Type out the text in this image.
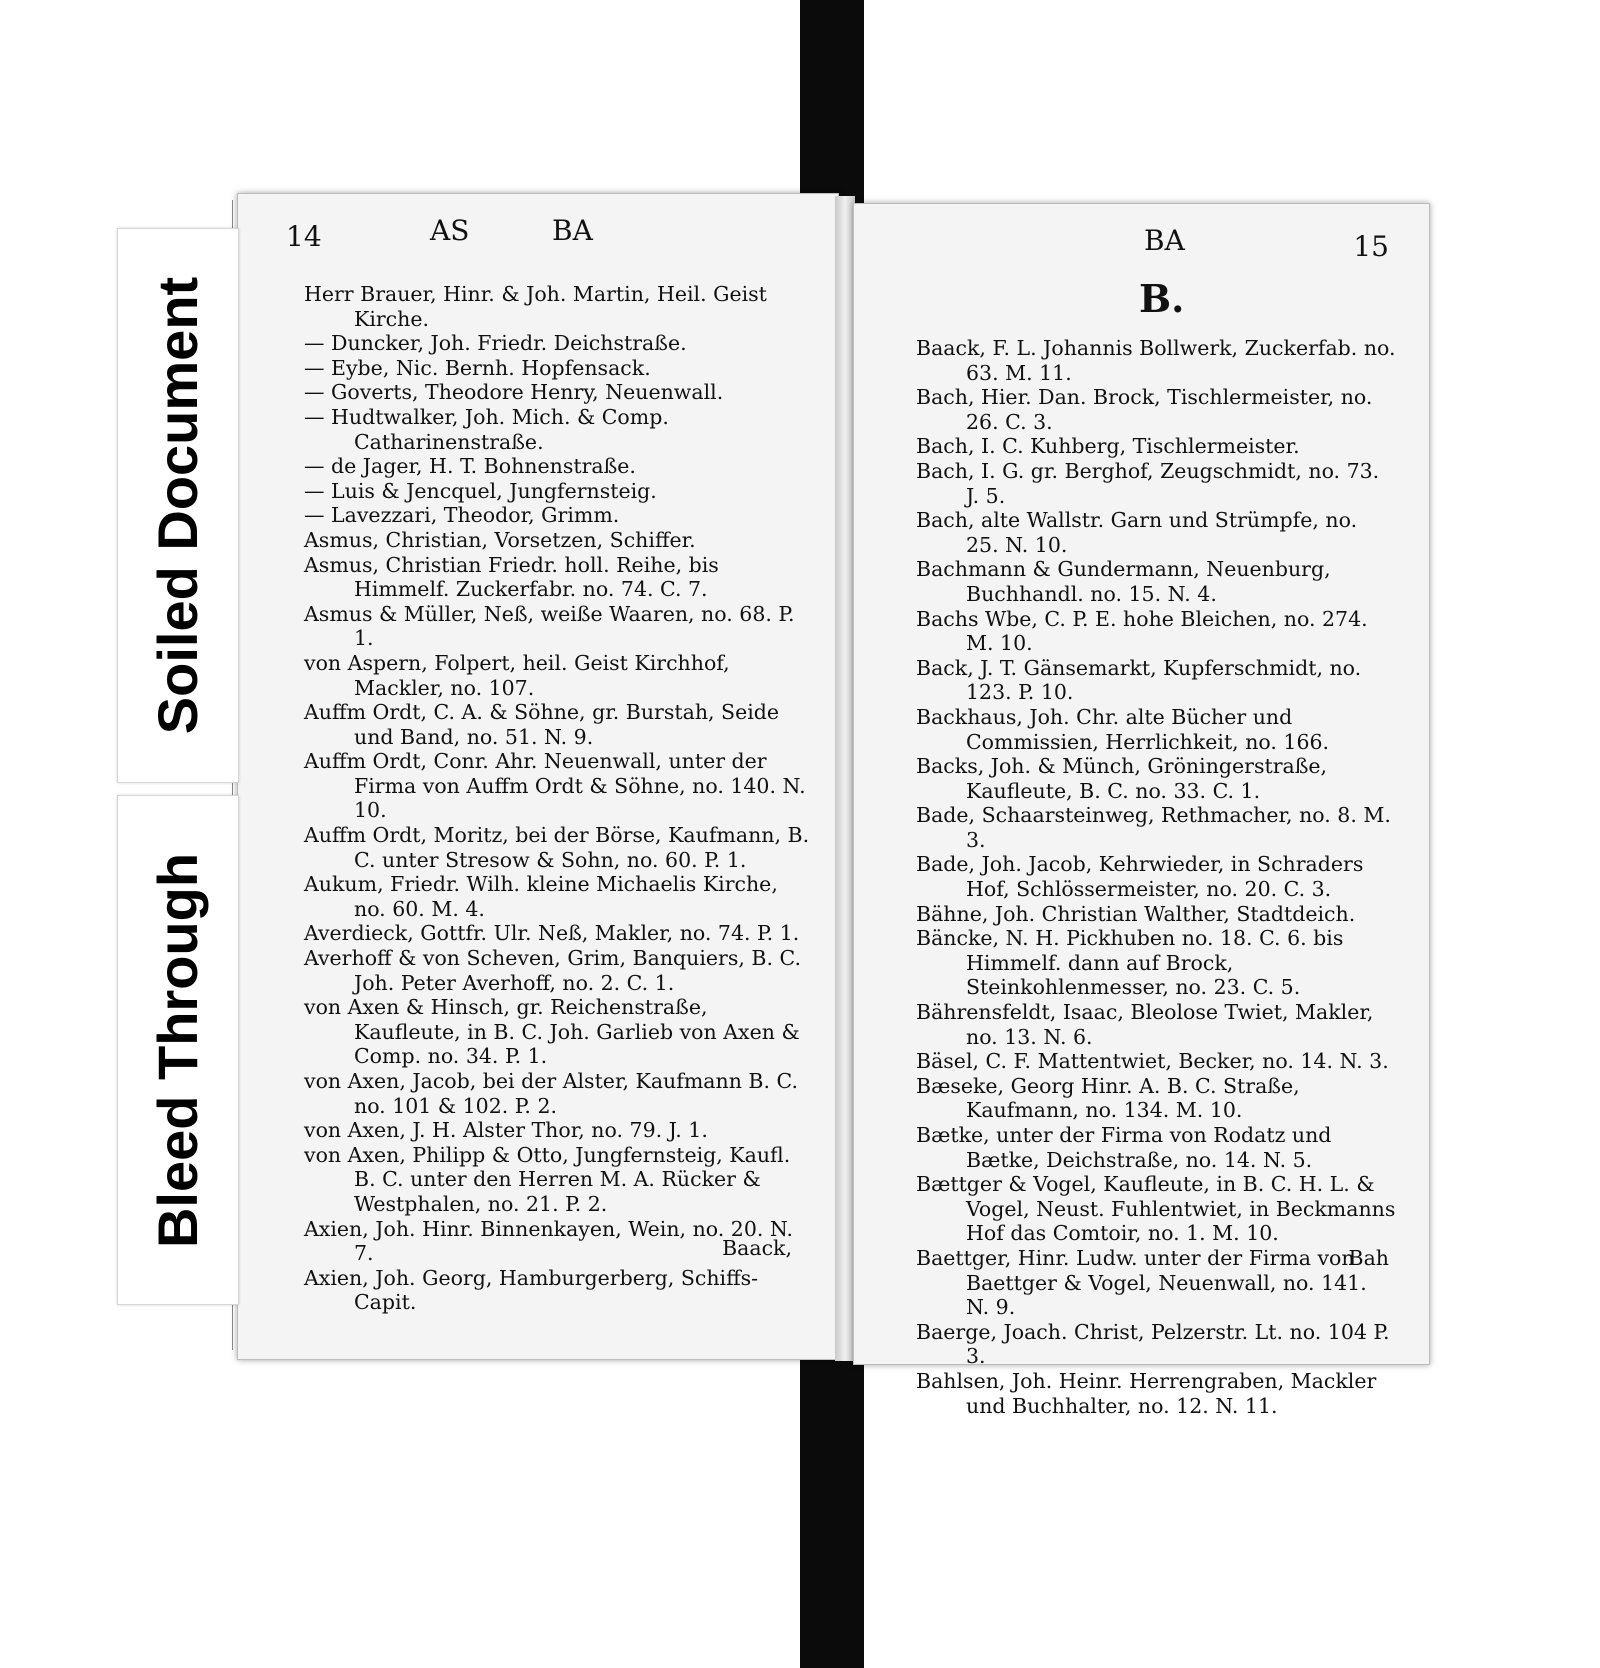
14	AS	BA
Herr Brauer, Hinr. & Joh. Martin, Heil. Geist Kirche.
— Duncker, Joh. Friedr. Deichstraße.
— Eybe, Nic. Bernh. Hopfensack.
— Goverts, Theodore Henry, Neuenwall.
— Hudtwalker, Joh. Mich. & Comp. Catharinenstraße.
— de Jager, H. T. Bohnenstraße.
— Luis & Jencquel, Jungfernsteig.
— Lavezzari, Theodor, Grimm.
Asmus, Christian, Vorsetzen, Schiffer.
Asmus, Christian Friedr. holl. Reihe, bis Himmelf. Zuckerfabr. no. 74. C. 7.
Asmus & Müller, Neß, weiße Waaren, no. 68. P. 1.
von Aspern, Folpert, heil. Geist Kirchhof, Mackler, no. 107.
Auffm Ordt, C. A. & Söhne, gr. Burstah, Seide und Band, no. 51. N. 9.
Auffm Ordt, Conr. Ahr. Neuenwall, unter der Firma von Auffm Ordt & Söhne, no. 140. N. 10.
Auffm Ordt, Moritz, bei der Börse, Kaufmann, B. C. unter Stresow & Sohn, no. 60. P. 1.
Aukum, Friedr. Wilh. kleine Michaelis Kirche, no. 60. M. 4.
Averdieck, Gottfr. Ulr. Neß, Makler, no. 74. P. 1.
Averhoff & von Scheven, Grim, Banquiers, B. C. Joh. Peter Averhoff, no. 2. C. 1.
von Axen & Hinsch, gr. Reichenstraße, Kaufleute, in B. C. Joh. Garlieb von Axen & Comp. no. 34. P. 1.
von Axen, Jacob, bei der Alster, Kaufmann B. C. no. 101 & 102. P. 2.
von Axen, J. H. Alster Thor, no. 79. J. 1.
von Axen, Philipp & Otto, Jungfernsteig, Kaufl. B. C. unter den Herren M. A. Rücker & Westphalen, no. 21. P. 2.
Axien, Joh. Hinr. Binnenkayen, Wein, no. 20. N. 7.
Axien, Joh. Georg, Hamburgerberg, Schiffs-Capit.
Baack,
BA	15
B.
Baack, F. L. Johannis Bollwerk, Zuckerfab. no. 63. M. 11.
Bach, Hier. Dan. Brock, Tischlermeister, no. 26. C. 3.
Bach, I. C. Kuhberg, Tischlermeister.
Bach, I. G. gr. Berghof, Zeugschmidt, no. 73. J. 5.
Bach, alte Wallstr. Garn und Strümpfe, no. 25. N. 10.
Bachmann & Gundermann, Neuenburg, Buchhandl. no. 15. N. 4.
Bachs Wbe, C. P. E. hohe Bleichen, no. 274. M. 10.
Back, J. T. Gänsemarkt, Kupferschmidt, no. 123. P. 10.
Backhaus, Joh. Chr. alte Bücher und Commissien, Herrlichkeit, no. 166.
Backs, Joh. & Münch, Gröningerstraße, Kaufleute, B. C. no. 33. C. 1.
Bade, Schaarsteinweg, Rethmacher, no. 8. M. 3.
Bade, Joh. Jacob, Kehrwieder, in Schraders Hof, Schlössermeister, no. 20. C. 3.
Bähne, Joh. Christian Walther, Stadtdeich.
Bäncke, N. H. Pickhuben no. 18. C. 6. bis Himmelf. dann auf Brock, Steinkohlenmesser, no. 23. C. 5.
Bährensfeldt, Isaac, Bleolose Twiet, Makler, no. 13. N. 6.
Bäsel, C. F. Mattentwiet, Becker, no. 14. N. 3.
Bæseke, Georg Hinr. A. B. C. Straße, Kaufmann, no. 134. M. 10.
Bætke, unter der Firma von Rodatz und Bætke, Deichstraße, no. 14. N. 5.
Bættger & Vogel, Kaufleute, in B. C. H. L. & Vogel, Neust. Fuhlentwiet, in Beckmanns Hof das Comtoir, no. 1. M. 10.
Baettger, Hinr. Ludw. unter der Firma von Baettger & Vogel, Neuenwall, no. 141. N. 9.
Baerge, Joach. Christ, Pelzerstr. Lt. no. 104 P. 3.
Bahlsen, Joh. Heinr. Herrengraben, Mackler und Buchhalter, no. 12. N. 11.
Bah
Soiled Document
Bleed Through
